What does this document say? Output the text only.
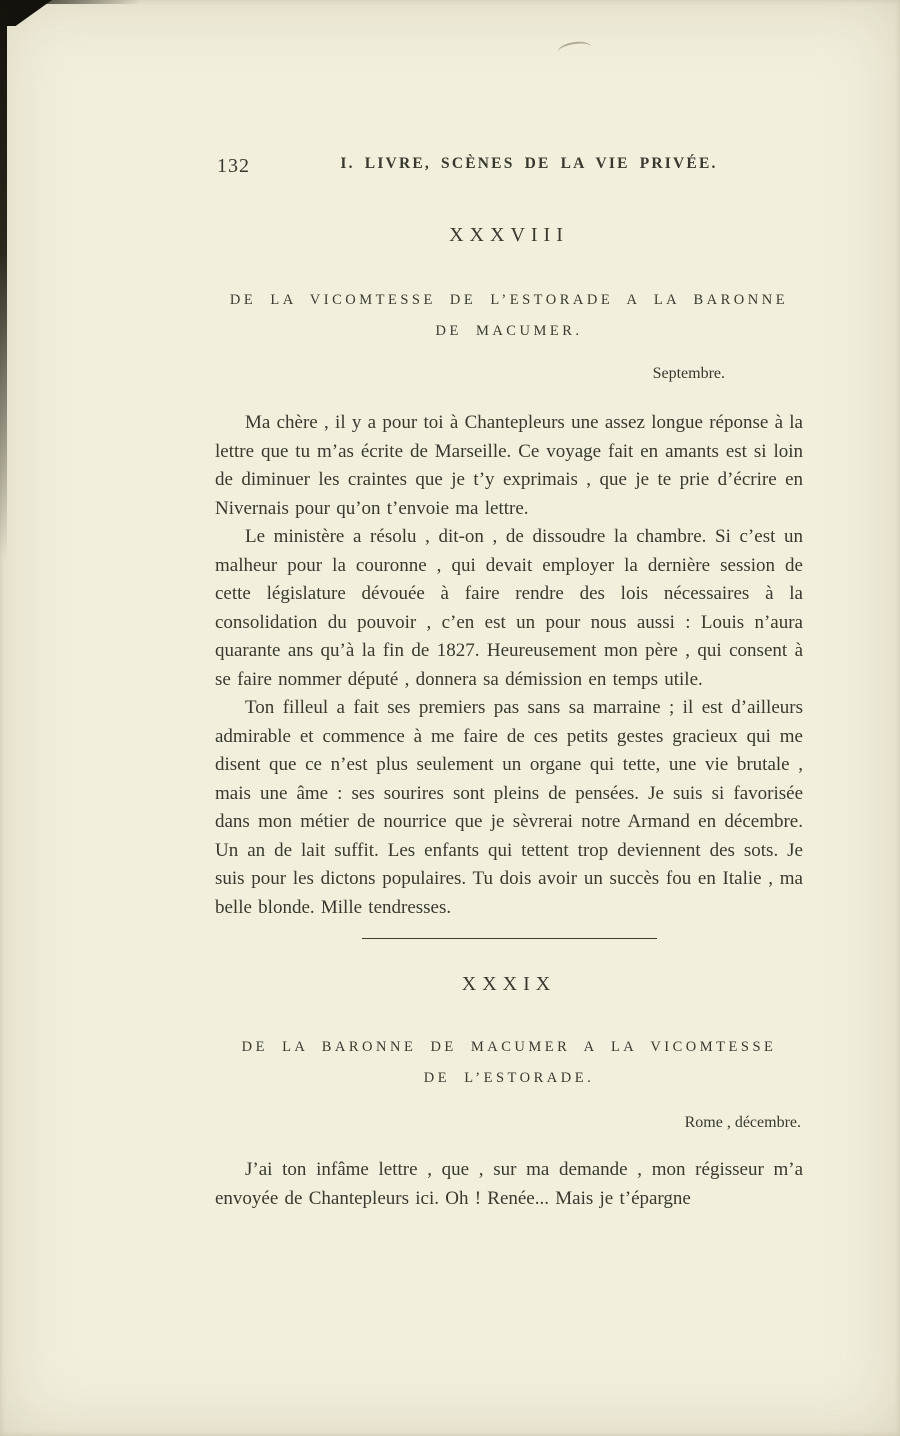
132	I. LIVRE, SCÈNES DE LA VIE PRIVÉE.
XXXVIII
DE LA VICOMTESSE DE L’ESTORADE A LA BARONNE
DE MACUMER.
Septembre.

Ma chère , il y a pour toi à Chantepleurs une assez longue réponse à la lettre que tu m’as écrite de Marseille. Ce voyage fait en amants est si loin de diminuer les craintes que je t’y exprimais , que je te prie d’écrire en Nivernais pour qu’on t’envoie ma lettre.

Le ministère a résolu , dit-on , de dissoudre la chambre. Si c’est un malheur pour la couronne , qui devait employer la dernière session de cette législature dévouée à faire rendre des lois nécessaires à la consolidation du pouvoir , c’en est un pour nous aussi : Louis n’aura quarante ans qu’à la fin de 1827. Heureusement mon père , qui consent à se faire nommer député , donnera sa démission en temps utile.

Ton filleul a fait ses premiers pas sans sa marraine ; il est d’ailleurs admirable et commence à me faire de ces petits gestes gracieux qui me disent que ce n’est plus seulement un organe qui tette, une vie brutale , mais une âme : ses sourires sont pleins de pensées. Je suis si favorisée dans mon métier de nourrice que je sèvrerai notre Armand en décembre. Un an de lait suffit. Les enfants qui tettent trop deviennent des sots. Je suis pour les dictons populaires. Tu dois avoir un succès fou en Italie , ma belle blonde. Mille tendresses.

XXXIX
DE LA BARONNE DE MACUMER A LA VICOMTESSE
DE L’ESTORADE.
Rome , décembre.

J’ai ton infâme lettre , que , sur ma demande , mon régisseur m’a envoyée de Chantepleurs ici. Oh ! Renée... Mais je t’épargne
